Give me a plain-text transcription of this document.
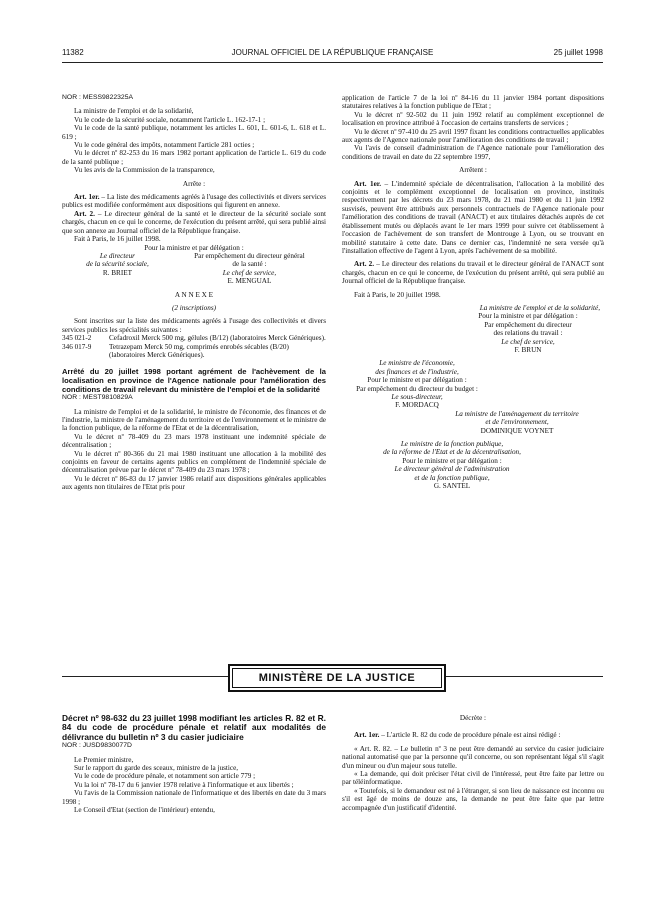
11382	JOURNAL OFFICIEL DE LA RÉPUBLIQUE FRANÇAISE	25 juillet 1998

NOR : MESS9822325A

La ministre de l'emploi et de la solidarité,

Vu le code de la sécurité sociale, notamment l'article L. 162-17-1 ;

Vu le code de la santé publique, notamment les articles L. 601, L. 601-6, L. 618 et L. 619 ;

Vu le code général des impôts, notamment l'article 281 octies ;

Vu le décret nº 82-253 du 16 mars 1982 portant application de l'article L. 619 du code de la santé publique ;

Vu les avis de la Commission de la transparence,

Arrête :

Art. 1er. – La liste des médicaments agréés à l'usage des collectivités et divers services publics est modifiée conformément aux dispositions qui figurent en annexe.

Art. 2. – Le directeur général de la santé et le directeur de la sécurité sociale sont chargés, chacun en ce qui le concerne, de l'exécution du présent arrêté, qui sera publié ainsi que son annexe au Journal officiel de la République française.

Fait à Paris, le 16 juillet 1998.

Pour la ministre et par délégation :

Le directeur
de la sécurité sociale,
R. BRIET

Par empêchement du directeur général
de la santé :
Le chef de service,
E. MENGUAL

A N N E X E

(2 inscriptions)

Sont inscrites sur la liste des médicaments agréés à l'usage des collectivités et divers services publics les spécialités suivantes :

345 021-2	Cefadroxil Merck 500 mg, gélules (B/12) (laboratoires Merck Génériques).
346 017-9	Tetrazepam Merck 50 mg, comprimés enrobés sécables (B/20) (laboratoires Merck Génériques).

Arrêté du 20 juillet 1998 portant agrément de l'achèvement de la localisation en province de l'Agence nationale pour l'amélioration des conditions de travail relevant du ministère de l'emploi et de la solidarité

NOR : MEST9810829A

La ministre de l'emploi et de la solidarité, le ministre de l'économie, des finances et de l'industrie, la ministre de l'aménagement du territoire et de l'environnement et le ministre de la fonction publique, de la réforme de l'Etat et de la décentralisation,

Vu le décret nº 78-409 du 23 mars 1978 instituant une indemnité spéciale de décentralisation ;

Vu le décret nº 80-366 du 21 mai 1980 instituant une allocation à la mobilité des conjoints en faveur de certains agents publics en complément de l'indemnité spéciale de décentralisation prévue par le décret nº 78-409 du 23 mars 1978 ;

Vu le décret nº 86-83 du 17 janvier 1986 relatif aux dispositions générales applicables aux agents non titulaires de l'Etat pris pour

application de l'article 7 de la loi nº 84-16 du 11 janvier 1984 portant dispositions statutaires relatives à la fonction publique de l'Etat ;

Vu le décret nº 92-502 du 11 juin 1992 relatif au complément exceptionnel de localisation en province attribué à l'occasion de certains transferts de services ;

Vu le décret nº 97-410 du 25 avril 1997 fixant les conditions contractuelles applicables aux agents de l'Agence nationale pour l'amélioration des conditions de travail ;

Vu l'avis de conseil d'administration de l'Agence nationale pour l'amélioration des conditions de travail en date du 22 septembre 1997,

Arrêtent :

Art. 1er. – L'indemnité spéciale de décentralisation, l'allocation à la mobilité des conjoints et le complément exceptionnel de localisation en province, institués respectivement par les décrets du 23 mars 1978, du 21 mai 1980 et du 11 juin 1992 susvisés, peuvent être attribués aux personnels contractuels de l'Agence nationale pour l'amélioration des conditions de travail (ANACT) et aux titulaires détachés auprès de cet établissement mutés ou déplacés avant le 1er mars 1999 pour suivre cet établissement à l'occasion de l'achèvement de son transfert de Montrouge à Lyon, ou se trouvant en mobilité statutaire à cette date. Dans ce dernier cas, l'indemnité ne sera versée qu'à l'installation effective de l'agent à Lyon, après l'achèvement de sa mobilité.

Art. 2. – Le directeur des relations du travail et le directeur général de l'ANACT sont chargés, chacun en ce qui le concerne, de l'exécution du présent arrêté, qui sera publié au Journal officiel de la République française.

Fait à Paris, le 20 juillet 1998.

La ministre de l'emploi et de la solidarité,

Pour la ministre et par délégation :
Par empêchement du directeur
des relations du travail :
Le chef de service,
F. BRUN
Le ministre de l'économie,
des finances et de l'industrie,
Pour le ministre et par délégation :
Par empêchement du directeur du budget :
Le sous-directeur,
F. MORDACQ
La ministre de l'aménagement du territoire
et de l'environnement,
DOMINIQUE VOYNET
Le ministre de la fonction publique,
de la réforme de l'Etat et de la décentralisation,
Pour le ministre et par délégation :
Le directeur général de l'administration
et de la fonction publique,
G. SANTEL
MINISTÈRE DE LA JUSTICE

Décret nº 98-632 du 23 juillet 1998 modifiant les articles R. 82 et R. 84 du code de procédure pénale et relatif aux modalités de délivrance du bulletin nº 3 du casier judiciaire

NOR : JUSD9830077D

Le Premier ministre,

Sur le rapport du garde des sceaux, ministre de la justice,

Vu le code de procédure pénale, et notamment son article 779 ;

Vu la loi nº 78-17 du 6 janvier 1978 relative à l'informatique et aux libertés ;

Vu l'avis de la Commission nationale de l'informatique et des libertés en date du 3 mars 1998 ;

Le Conseil d'Etat (section de l'intérieur) entendu,

Décrète :

Art. 1er. – L'article R. 82 du code de procédure pénale est ainsi rédigé :

« Art. R. 82. – Le bulletin nº 3 ne peut être demandé au service du casier judiciaire national automatisé que par la personne qu'il concerne, ou son représentant légal s'il s'agit d'un mineur ou d'un majeur sous tutelle.

« La demande, qui doit préciser l'état civil de l'intéressé, peut être faite par lettre ou par téléinformatique.

« Toutefois, si le demandeur est né à l'étranger, si son lieu de naissance est inconnu ou s'il est âgé de moins de douze ans, la demande ne peut être faite que par lettre accompagnée d'un justificatif d'identité.
